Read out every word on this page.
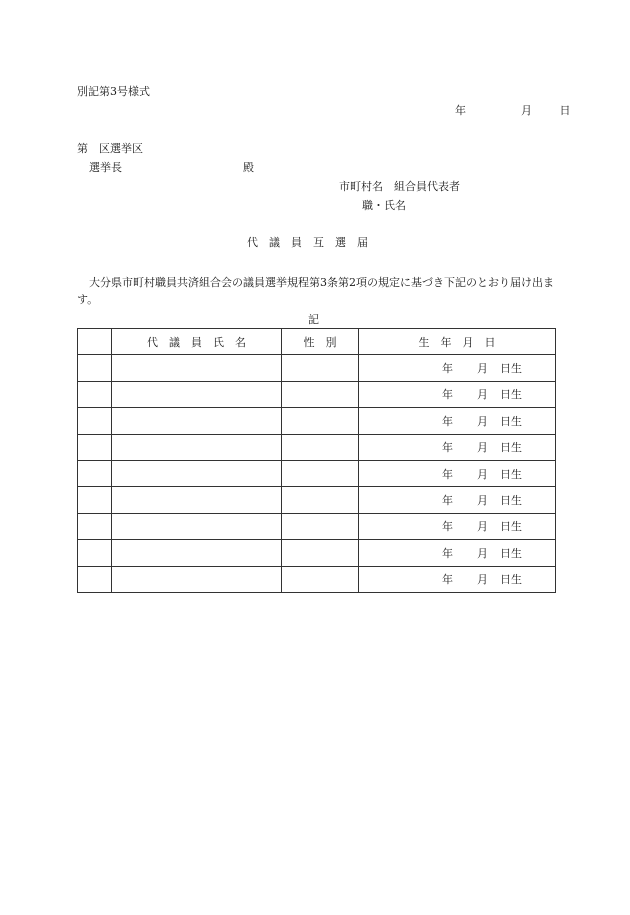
別記第3号様式
年	月	日
第　区選挙区
選挙長	殿
市町村名　組合員代表者
職・氏名
代　議　員　互　選　届
大分県市町村職員共済組合会の議員選挙規程第3条第2項の規定に基づき下記のとおり届け出ます。
記
	代　議　員　氏　名	性　別	生　年　月　日
			年 月 日生
			年 月 日生
			年 月 日生
			年 月 日生
			年 月 日生
			年 月 日生
			年 月 日生
			年 月 日生
			年 月 日生
